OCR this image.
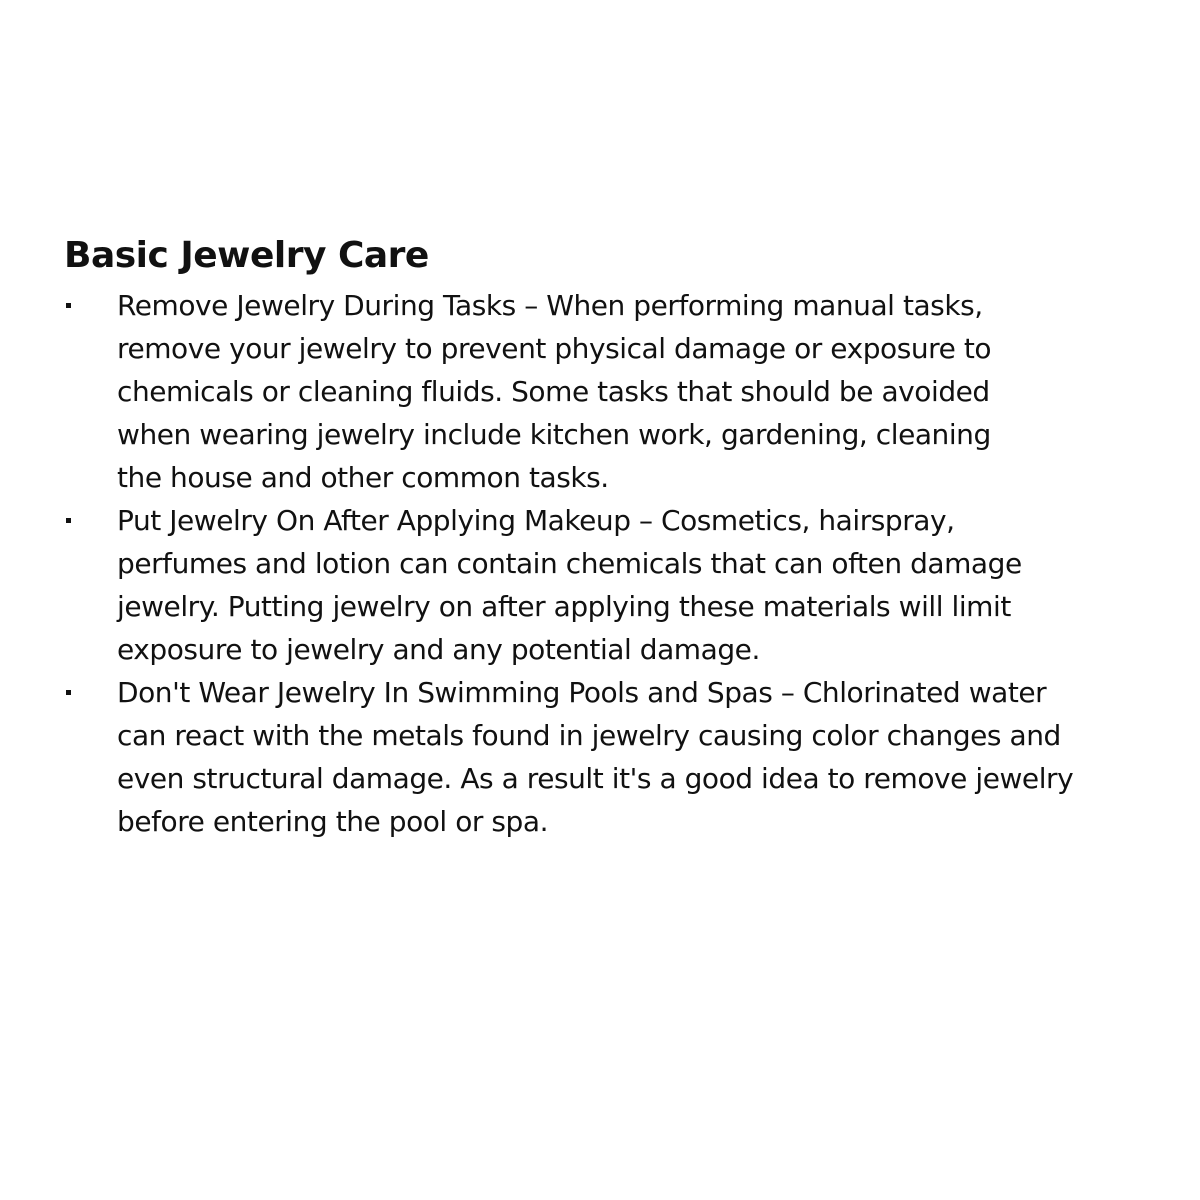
Basic Jewelry Care
Remove Jewelry During Tasks – When performing manual tasks,
remove your jewelry to prevent physical damage or exposure to
chemicals or cleaning fluids. Some tasks that should be avoided
when wearing jewelry include kitchen work, gardening, cleaning
the house and other common tasks.
Put Jewelry On After Applying Makeup – Cosmetics, hairspray,
perfumes and lotion can contain chemicals that can often damage
jewelry. Putting jewelry on after applying these materials will limit
exposure to jewelry and any potential damage.
Don't Wear Jewelry In Swimming Pools and Spas – Chlorinated water
can react with the metals found in jewelry causing color changes and
even structural damage. As a result it's a good idea to remove jewelry
before entering the pool or spa.
